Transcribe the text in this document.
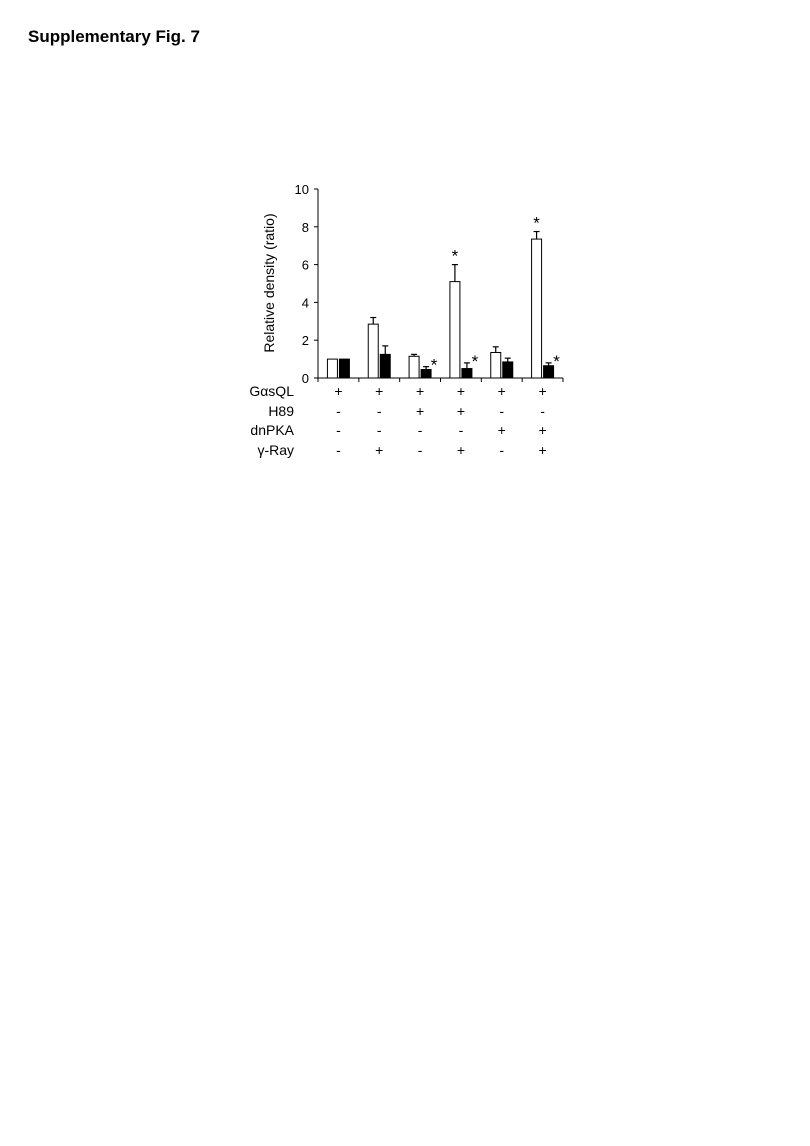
Supplementary Fig. 7
0
2
4
6
8
10
*
*
* *	*
GαsQL	+ + + + + +
H89	-	- + + -	-
dnPKA	-	-	-	- + +
γ-Ray	- + - + - +
Relative density (ratio)
